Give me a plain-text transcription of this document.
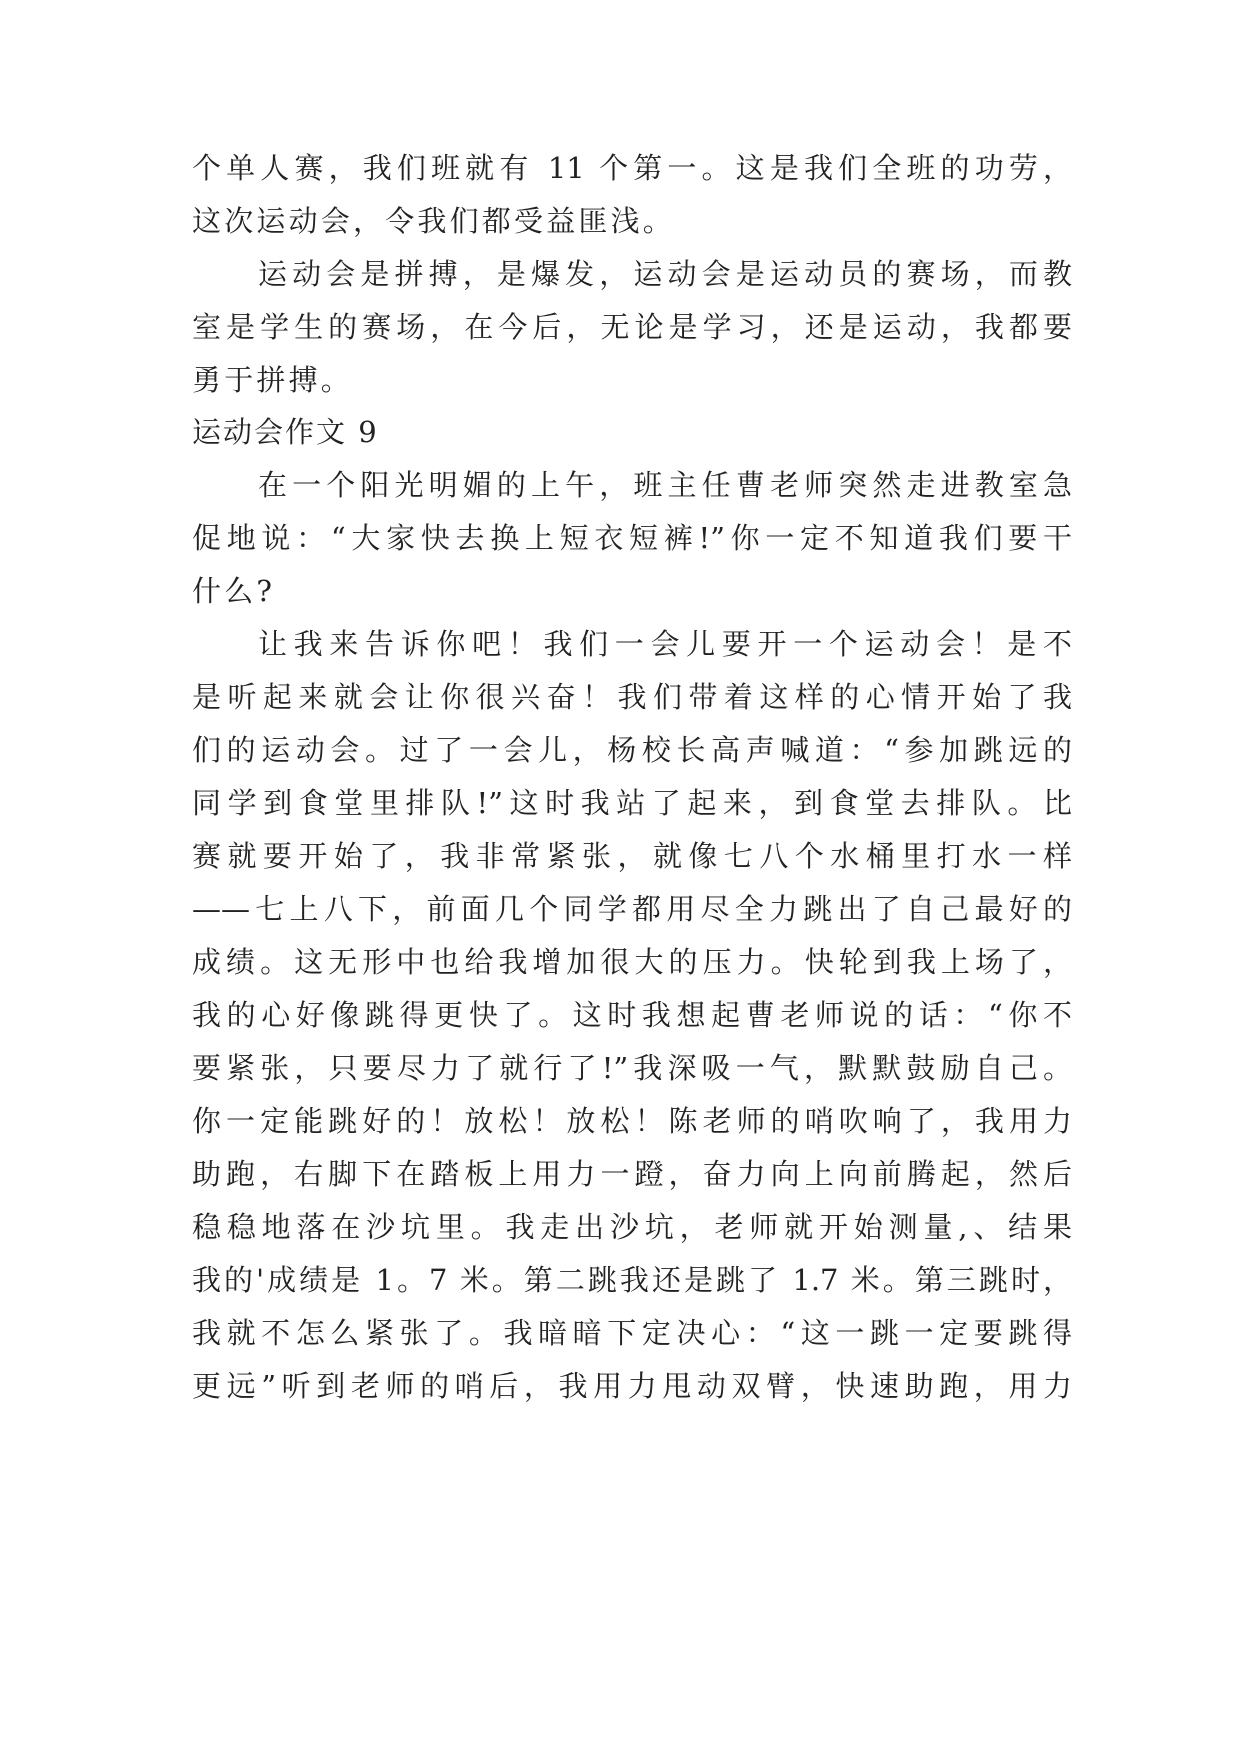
个单人赛，我们班就有 11 个第一。这是我们全班的功劳，
这次运动会，令我们都受益匪浅。
运动会是拼搏，是爆发，运动会是运动员的赛场，而教
室是学生的赛场，在今后，无论是学习，还是运动，我都要
勇于拼搏。
运动会作文 9
在一个阳光明媚的上午，班主任曹老师突然走进教室急
促地说：“大家快去换上短衣短裤!”你一定不知道我们要干
什么?
让我来告诉你吧！我们一会儿要开一个运动会！是不
是听起来就会让你很兴奋！我们带着这样的心情开始了我
们的运动会。过了一会儿，杨校长高声喊道：“参加跳远的
同学到食堂里排队!”这时我站了起来，到食堂去排队。比
赛就要开始了，我非常紧张，就像七八个水桶里打水一样
——七上八下，前面几个同学都用尽全力跳出了自己最好的
成绩。这无形中也给我增加很大的压力。快轮到我上场了，
我的心好像跳得更快了。这时我想起曹老师说的话：“你不
要紧张，只要尽力了就行了!”我深吸一气，默默鼓励自己。
你一定能跳好的！放松！放松！陈老师的哨吹响了，我用力
助跑，右脚下在踏板上用力一蹬，奋力向上向前腾起，然后
稳稳地落在沙坑里。我走出沙坑，老师就开始测量,、结果
我的'成绩是 1。7 米。第二跳我还是跳了 1.7 米。第三跳时，
我就不怎么紧张了。我暗暗下定决心：“这一跳一定要跳得
更远”听到老师的哨后，我用力甩动双臂，快速助跑，用力
